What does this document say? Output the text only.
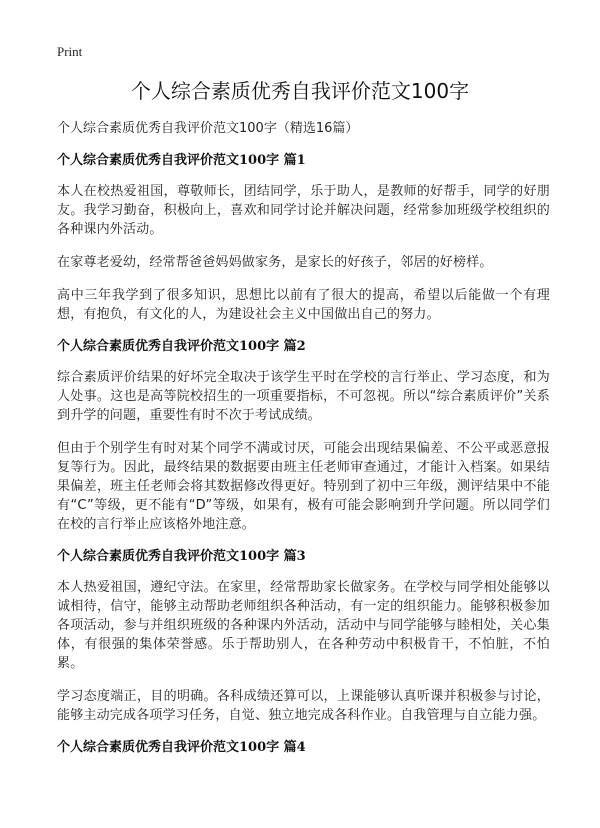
Print
个人综合素质优秀自我评价范文100字

个人综合素质优秀自我评价范文100字（精选16篇）

个人综合素质优秀自我评价范文100字 篇1

本人在校热爱祖国，尊敬师长，团结同学，乐于助人，是教师的好帮手，同学的好朋友。我学习勤奋，积极向上，喜欢和同学讨论并解决问题，经常参加班级学校组织的各种课内外活动。

在家尊老爱幼，经常帮爸爸妈妈做家务，是家长的好孩子，邻居的好榜样。

高中三年我学到了很多知识，思想比以前有了很大的提高，希望以后能做一个有理想，有抱负，有文化的人，为建设社会主义中国做出自己的努力。

个人综合素质优秀自我评价范文100字 篇2

综合素质评价结果的好坏完全取决于该学生平时在学校的言行举止、学习态度，和为人处事。这也是高等院校招生的一项重要指标，不可忽视。所以“综合素质评价”关系到升学的问题，重要性有时不次于考试成绩。

但由于个别学生有时对某个同学不满或讨厌，可能会出现结果偏差、不公平或恶意报复等行为。因此，最终结果的数据要由班主任老师审查通过，才能计入档案。如果结果偏差，班主任老师会将其数据修改得更好。特别到了初中三年级，测评结果中不能有“C”等级，更不能有“D”等级，如果有，极有可能会影响到升学问题。所以同学们在校的言行举止应该格外地注意。

个人综合素质优秀自我评价范文100字 篇3

本人热爱祖国，遵纪守法。在家里，经常帮助家长做家务。在学校与同学相处能够以诚相待，信守，能够主动帮助老师组织各种活动，有一定的组织能力。能够积极参加各项活动，参与并组织班级的各种课内外活动，活动中与同学能够与睦相处，关心集体，有很强的集体荣誉感。乐于帮助别人，在各种劳动中积极肯干，不怕脏，不怕累。

学习态度端正，目的明确。各科成绩还算可以，上课能够认真听课并积极参与讨论，能够主动完成各项学习任务，自觉、独立地完成各科作业。自我管理与自立能力强。

个人综合素质优秀自我评价范文100字 篇4
